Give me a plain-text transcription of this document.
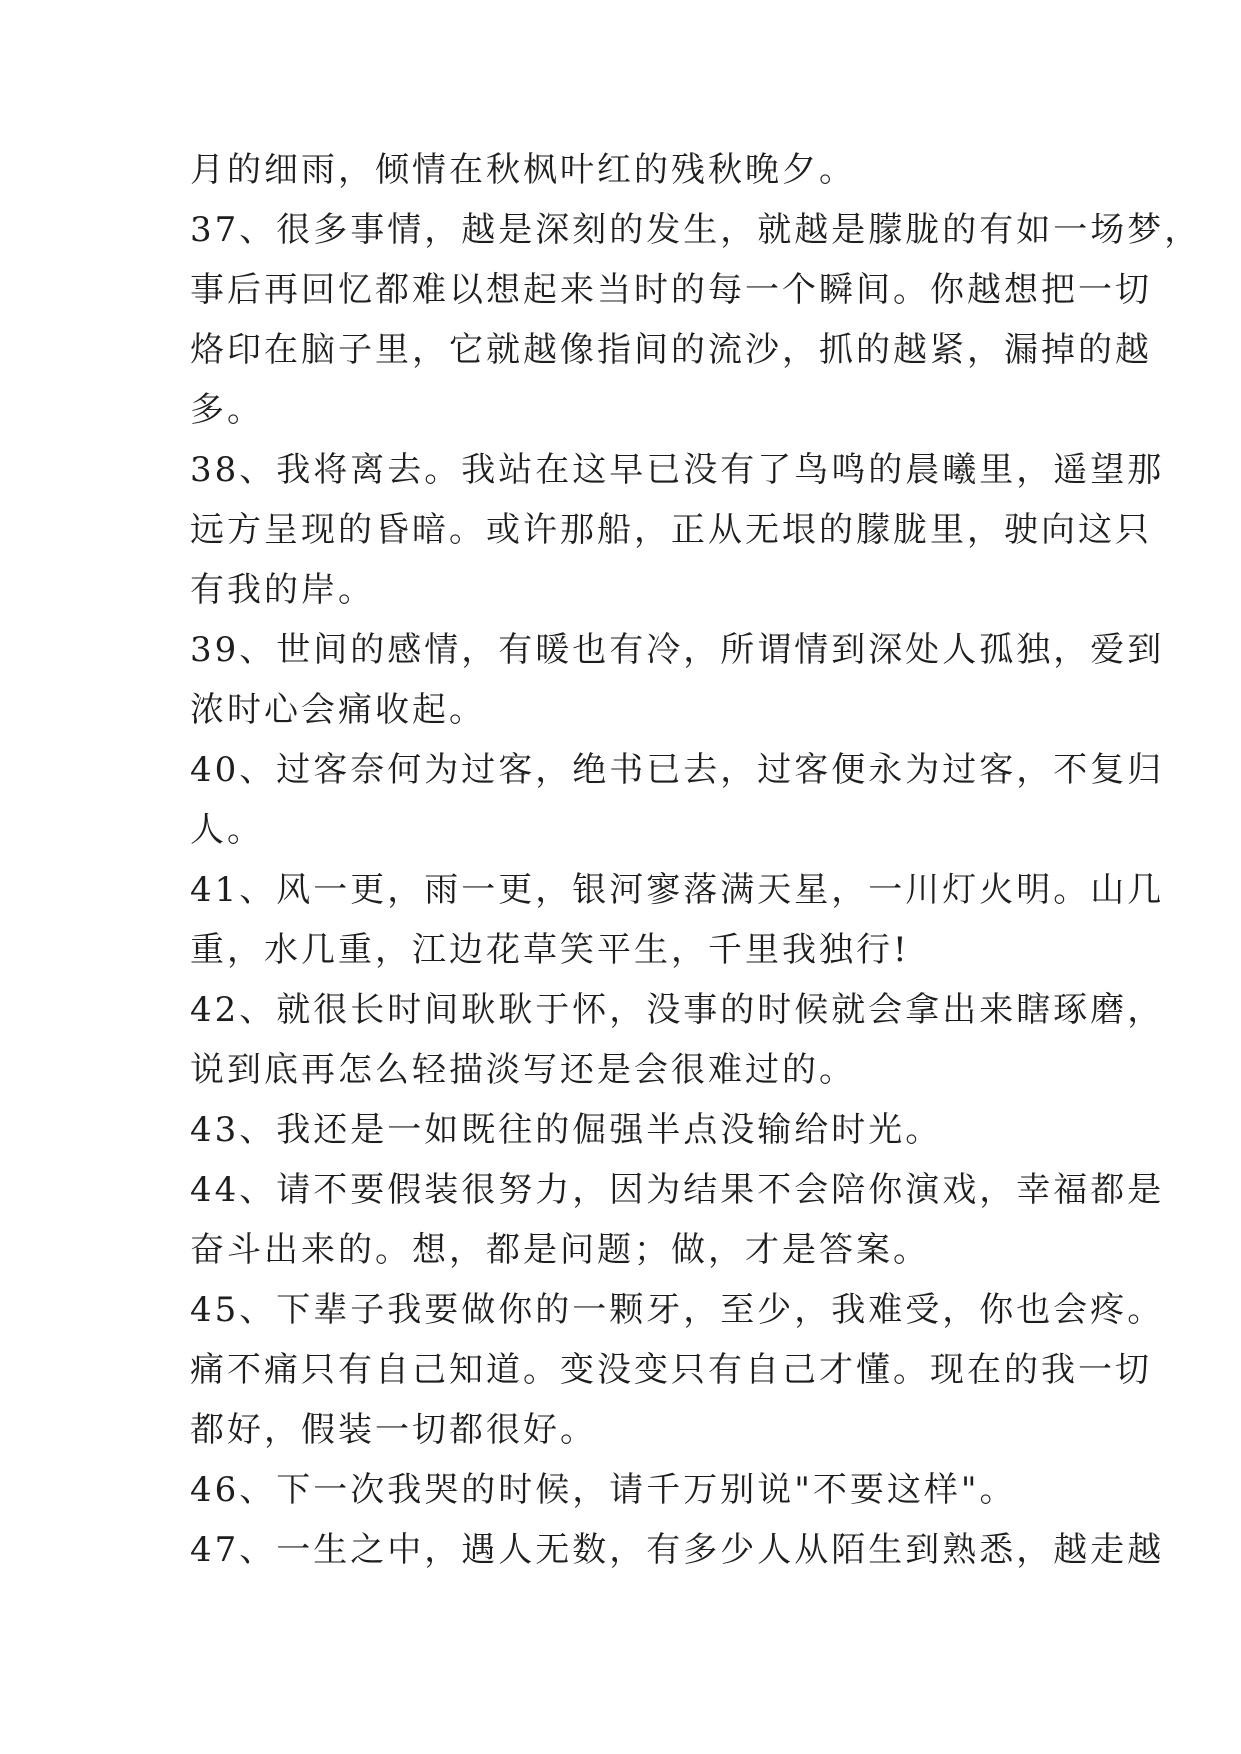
月的细雨，倾情在秋枫叶红的残秋晚夕。
37、很多事情，越是深刻的发生，就越是朦胧的有如一场梦，
事后再回忆都难以想起来当时的每一个瞬间。你越想把一切
烙印在脑子里，它就越像指间的流沙，抓的越紧，漏掉的越
多。
38、我将离去。我站在这早已没有了鸟鸣的晨曦里，遥望那
远方呈现的昏暗。或许那船，正从无垠的朦胧里，驶向这只
有我的岸。
39、世间的感情，有暖也有冷，所谓情到深处人孤独，爱到
浓时心会痛收起。
40、过客奈何为过客，绝书已去，过客便永为过客，不复归
人。
41、风一更，雨一更，银河寥落满天星，一川灯火明。山几
重，水几重，江边花草笑平生，千里我独行!
42、就很长时间耿耿于怀，没事的时候就会拿出来瞎琢磨，
说到底再怎么轻描淡写还是会很难过的。
43、我还是一如既往的倔强半点没输给时光。
44、请不要假装很努力，因为结果不会陪你演戏，幸福都是
奋斗出来的。想，都是问题；做，才是答案。
45、下辈子我要做你的一颗牙，至少，我难受，你也会疼。
痛不痛只有自己知道。变没变只有自己才懂。现在的我一切
都好，假装一切都很好。
46、下一次我哭的时候，请千万别说"不要这样"。
47、一生之中，遇人无数，有多少人从陌生到熟悉，越走越
